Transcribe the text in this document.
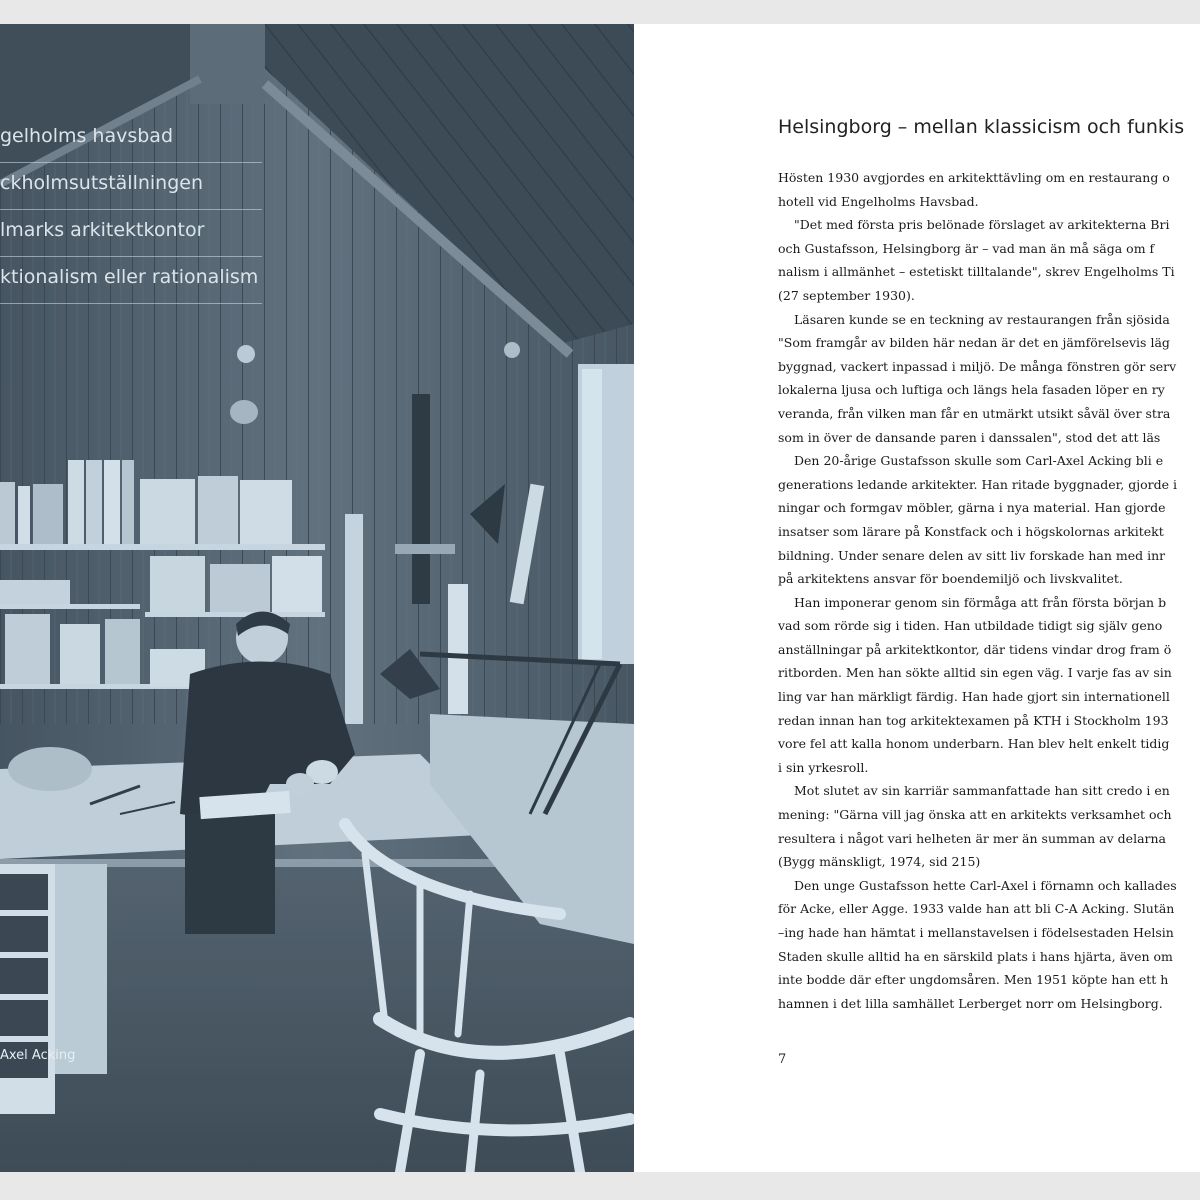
gelholms havsbad
ckholmsutställningen
lmarks arkitektkontor
ktionalism eller rationalism
Axel Acking
Helsingborg – mellan klassicism och funkis
Hösten 1930 avgjordes en arkitekttävling om en restaurang o
hotell vid Engelholms Havsbad.
"Det med första pris belönade förslaget av arkitekterna Bri
och Gustafsson, Helsingborg är – vad man än må säga om f
nalism i allmänhet – estetiskt tilltalande", skrev Engelholms Ti
(27 september 1930).
Läsaren kunde se en teckning av restaurangen från sjösida
"Som framgår av bilden här nedan är det en jämförelsevis läg
byggnad, vackert inpassad i miljö. De många fönstren gör serv
lokalerna ljusa och luftiga och längs hela fasaden löper en ry
veranda, från vilken man får en utmärkt utsikt såväl över stra
som in över de dansande paren i danssalen", stod det att läs
Den 20-årige Gustafsson skulle som Carl-Axel Acking bli e
generations ledande arkitekter. Han ritade byggnader, gjorde i
ningar och formgav möbler, gärna i nya material. Han gjorde
insatser som lärare på Konstfack och i högskolornas arkitekt
bildning. Under senare delen av sitt liv forskade han med inr
på arkitektens ansvar för boendemiljö och livskvalitet.
Han imponerar genom sin förmåga att från första början b
vad som rörde sig i tiden. Han utbildade tidigt sig själv geno
anställningar på arkitektkontor, där tidens vindar drog fram ö
ritborden. Men han sökte alltid sin egen väg. I varje fas av sin
ling var han märkligt färdig. Han hade gjort sin internationell
redan innan han tog arkitektexamen på KTH i Stockholm 193
vore fel att kalla honom underbarn. Han blev helt enkelt tidig
i sin yrkesroll.
Mot slutet av sin karriär sammanfattade han sitt credo i en
mening: "Gärna vill jag önska att en arkitekts verksamhet och
resultera i något vari helheten är mer än summan av delarna
(Bygg mänskligt, 1974, sid 215)
Den unge Gustafsson hette Carl-Axel i förnamn och kallades
för Acke, eller Agge. 1933 valde han att bli C-A Acking. Slutän
–ing hade han hämtat i mellanstavelsen i födelsestaden Helsin
Staden skulle alltid ha en särskild plats i hans hjärta, även om
inte bodde där efter ungdomsåren. Men 1951 köpte han ett h
hamnen i det lilla samhället Lerberget norr om Helsingborg.
7
